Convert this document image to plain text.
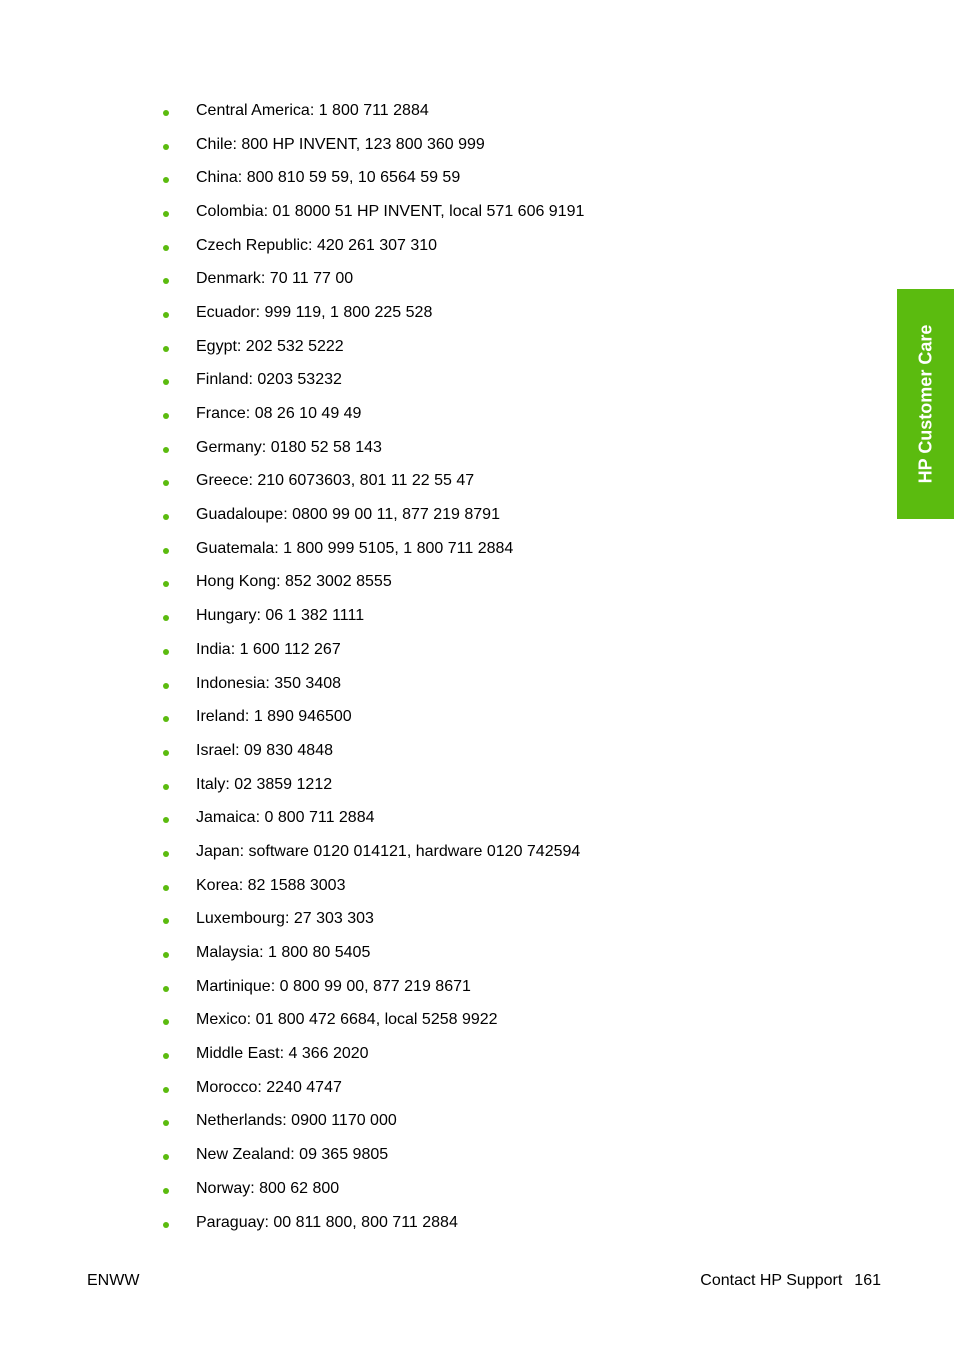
Central America: 1 800 711 2884
Chile: 800 HP INVENT, 123 800 360 999
China: 800 810 59 59, 10 6564 59 59
Colombia: 01 8000 51 HP INVENT, local 571 606 9191
Czech Republic: 420 261 307 310
Denmark: 70 11 77 00
Ecuador: 999 119, 1 800 225 528
Egypt: 202 532 5222
Finland: 0203 53232
France: 08 26 10 49 49
Germany: 0180 52 58 143
Greece: 210 6073603, 801 11 22 55 47
Guadaloupe: 0800 99 00 11, 877 219 8791
Guatemala: 1 800 999 5105, 1 800 711 2884
Hong Kong: 852 3002 8555
Hungary: 06 1 382 1111
India: 1 600 112 267
Indonesia: 350 3408
Ireland: 1 890 946500
Israel: 09 830 4848
Italy: 02 3859 1212
Jamaica: 0 800 711 2884
Japan: software 0120 014121, hardware 0120 742594
Korea: 82 1588 3003
Luxembourg: 27 303 303
Malaysia: 1 800 80 5405
Martinique: 0 800 99 00, 877 219 8671
Mexico: 01 800 472 6684, local 5258 9922
Middle East: 4 366 2020
Morocco: 2240 4747
Netherlands: 0900 1170 000
New Zealand: 09 365 9805
Norway: 800 62 800
Paraguay: 00 811 800, 800 711 2884
HP Customer Care
ENWW	Contact HP Support 161
